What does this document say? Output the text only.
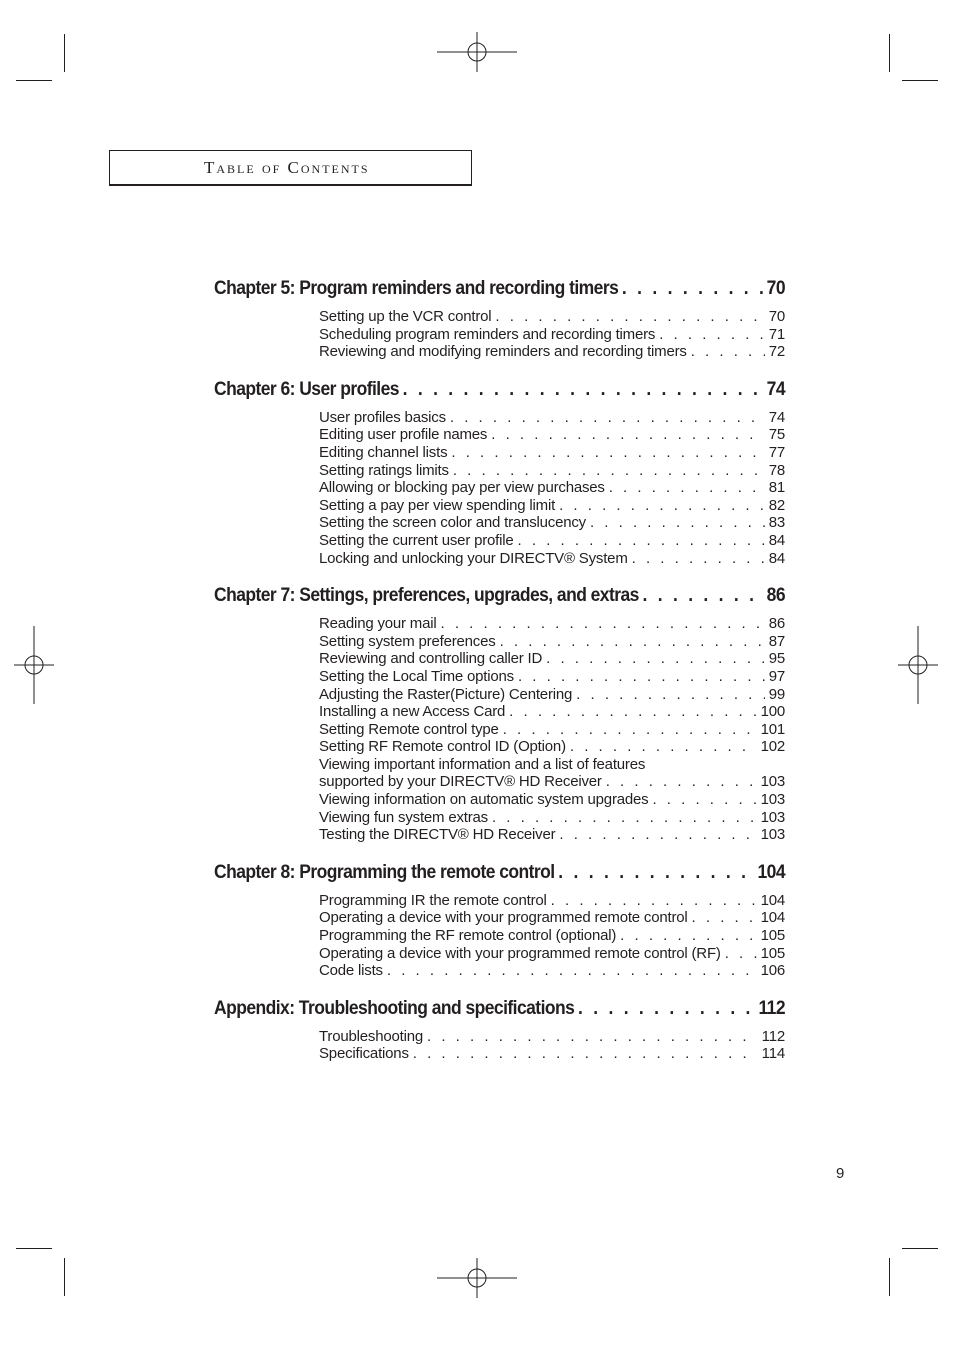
Table of Contents
Chapter 5: Program reminders and recording timers . . .	70
Setting up the VCR control . . .	70
Scheduling program reminders and recording timers . . .	71
Reviewing and modifying reminders and recording timers . . .	72
Chapter 6: User profiles . . .	74
User profiles basics . . .	74
Editing user profile names . . .	75
Editing channel lists . . .	77
Setting ratings limits . . .	78
Allowing or blocking pay per view purchases . . .	81
Setting a pay per view spending limit . . .	82
Setting the screen color and translucency . . .	83
Setting the current user profile . . .	84
Locking and unlocking your DIRECTV® System . . .	84
Chapter 7: Settings, preferences, upgrades, and extras . . .	86
Reading your mail . . .	86
Setting system preferences . . .	87
Reviewing and controlling caller ID . . .	95
Setting the Local Time options . . .	97
Adjusting the Raster(Picture) Centering . . .	99
Installing a new Access Card . . .	100
Setting Remote control type . . .	101
Setting RF Remote control ID (Option) . . .	102
Viewing important information and a list of features
supported by your DIRECTV® HD Receiver . . .	103
Viewing information on automatic system upgrades . . .	103
Viewing fun system extras . . .	103
Testing the DIRECTV® HD Receiver . . .	103
Chapter 8: Programming the remote control . . .	104
Programming IR the remote control . . .	104
Operating a device with your programmed remote control . . .	104
Programming the RF remote control (optional) . . .	105
Operating a device with your programmed remote control (RF) . . .	105
Code lists . . .	106
Appendix: Troubleshooting and specifications . . .	112
Troubleshooting . . .	112
Specifications . . .	114
9
